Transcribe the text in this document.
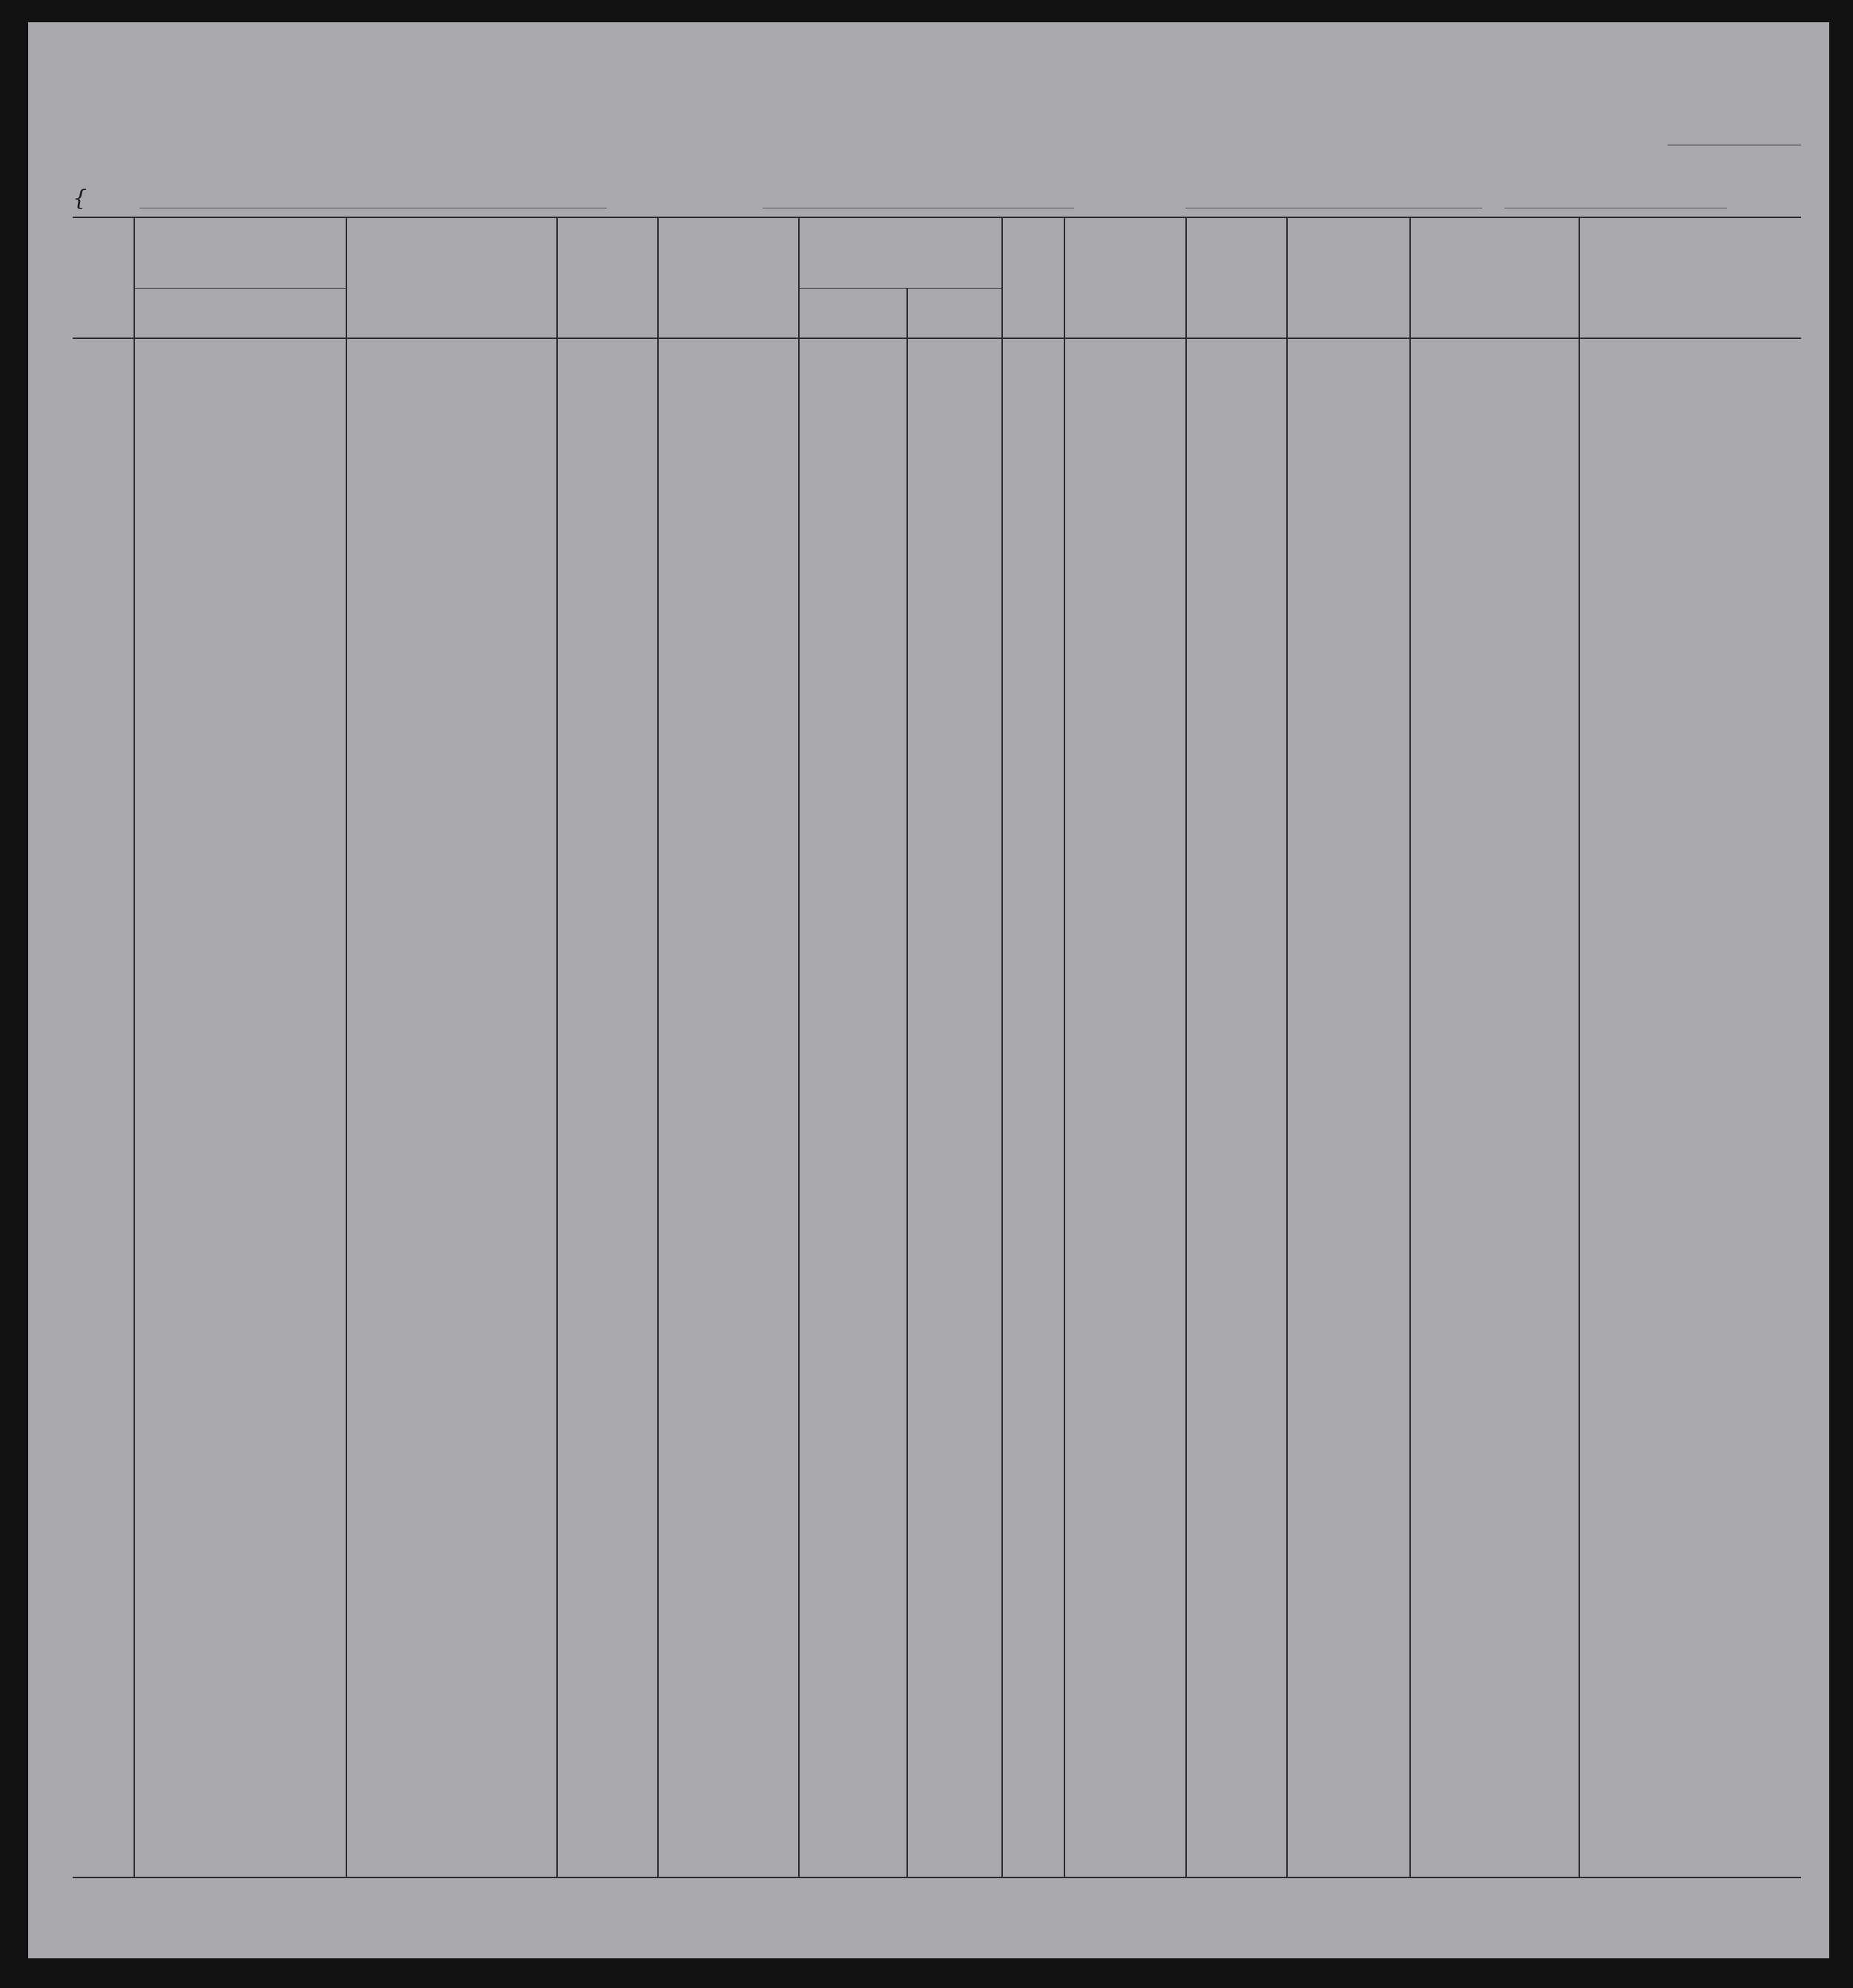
{
